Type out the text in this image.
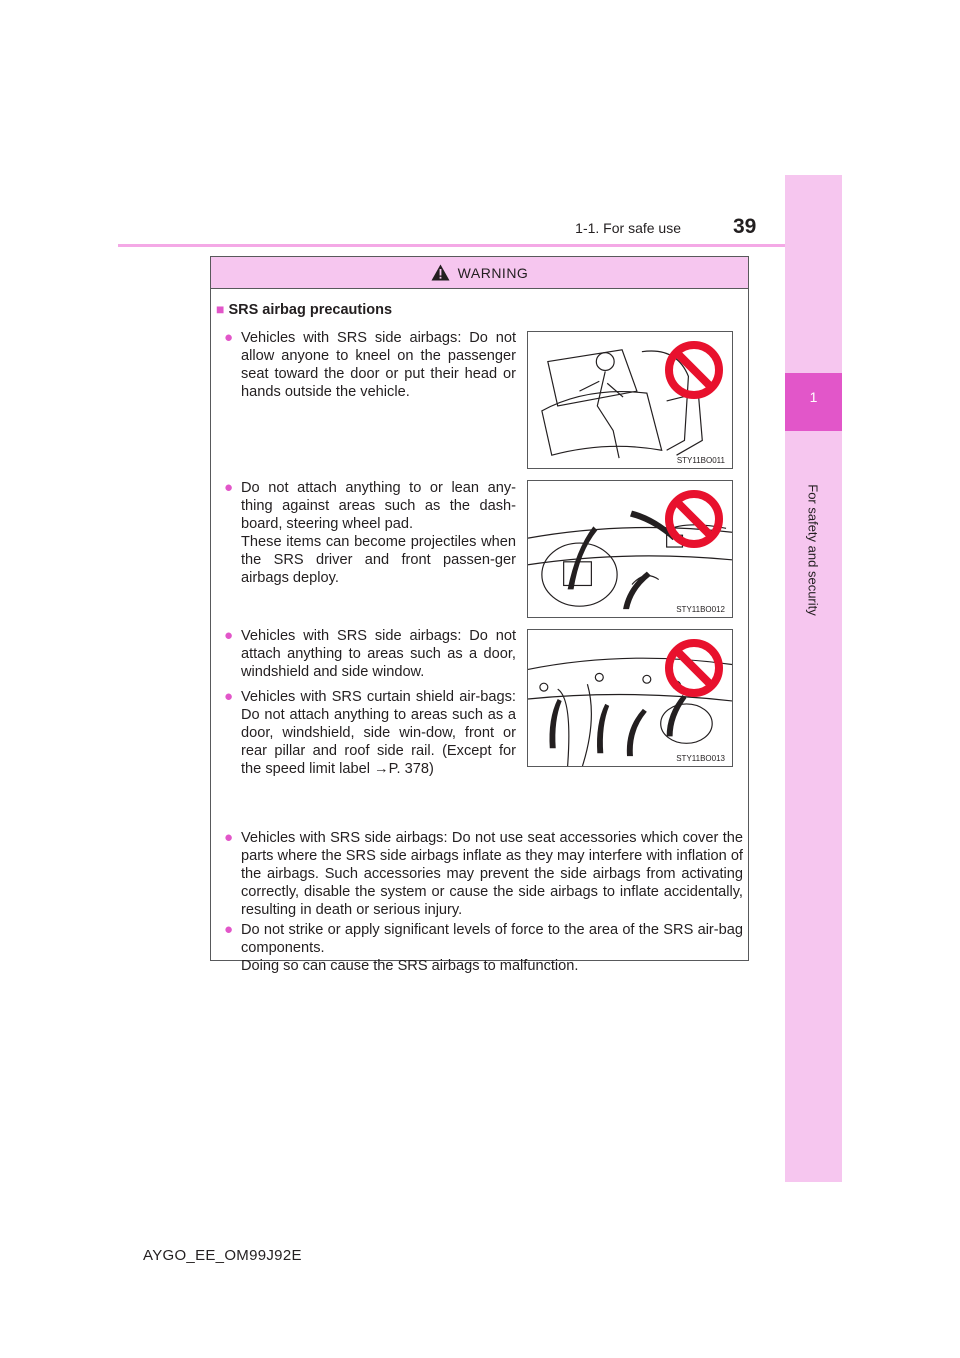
1
For safety and security
1-1. For safe use 39
WARNING
■ SRS airbag precautions
● Vehicles with SRS side airbags: Do not allow anyone to kneel on the passenger seat toward the door or put their head or hands outside the vehicle.
● Do not attach anything to or lean any-thing against areas such as the dash-board, steering wheel pad.
These items can become projectiles when the SRS driver and front passen-ger airbags deploy.
● Vehicles with SRS side airbags: Do not attach anything to areas such as a door, windshield and side window.
● Vehicles with SRS curtain shield air-bags: Do not attach anything to areas such as a door, windshield, side win-dow, front or rear pillar and roof side rail. (Except for the speed limit label →P. 378)
● Vehicles with SRS side airbags: Do not use seat accessories which cover the parts where the SRS side airbags inflate as they may interfere with inflation of the airbags. Such accessories may prevent the side airbags from activating correctly, disable the system or cause the side airbags to inflate accidentally, resulting in death or serious injury.
● Do not strike or apply significant levels of force to the area of the SRS air-bag components.
Doing so can cause the SRS airbags to malfunction.
STY11BO011
STY11BO012
STY11BO013
AYGO_EE_OM99J92E
